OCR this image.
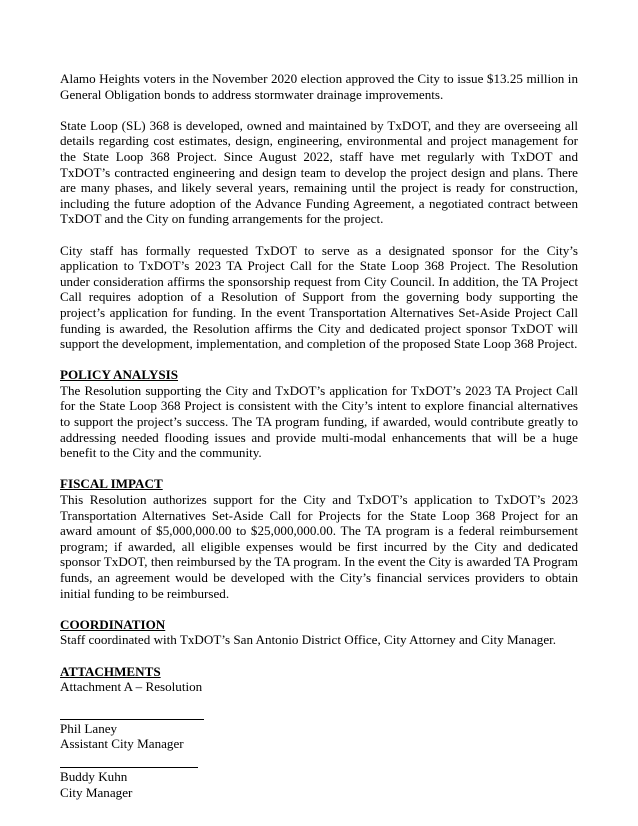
Alamo Heights voters in the November 2020 election approved the City to issue $13.25 million in General Obligation bonds to address stormwater drainage improvements.

State Loop (SL) 368 is developed, owned and maintained by TxDOT, and they are overseeing all details regarding cost estimates, design, engineering, environmental and project management for the State Loop 368 Project. Since August 2022, staff have met regularly with TxDOT and TxDOT’s contracted engineering and design team to develop the project design and plans. There are many phases, and likely several years, remaining until the project is ready for construction, including the future adoption of the Advance Funding Agreement, a negotiated contract between TxDOT and the City on funding arrangements for the project.

City staff has formally requested TxDOT to serve as a designated sponsor for the City’s application to TxDOT’s 2023 TA Project Call for the State Loop 368 Project. The Resolution under consideration affirms the sponsorship request from City Council. In addition, the TA Project Call requires adoption of a Resolution of Support from the governing body supporting the project’s application for funding. In the event Transportation Alternatives Set-Aside Project Call funding is awarded, the Resolution affirms the City and dedicated project sponsor TxDOT will support the development, implementation, and completion of the proposed State Loop 368 Project.

POLICY ANALYSIS

The Resolution supporting the City and TxDOT’s application for TxDOT’s 2023 TA Project Call for the State Loop 368 Project is consistent with the City’s intent to explore financial alternatives to support the project’s success. The TA program funding, if awarded, would contribute greatly to addressing needed flooding issues and provide multi-modal enhancements that will be a huge benefit to the City and the community.

FISCAL IMPACT

This Resolution authorizes support for the City and TxDOT’s application to TxDOT’s 2023 Transportation Alternatives Set-Aside Call for Projects for the State Loop 368 Project for an award amount of $5,000,000.00 to $25,000,000.00. The TA program is a federal reimbursement program; if awarded, all eligible expenses would be first incurred by the City and dedicated sponsor TxDOT, then reimbursed by the TA program. In the event the City is awarded TA Program funds, an agreement would be developed with the City’s financial services providers to obtain initial funding to be reimbursed.

COORDINATION

Staff coordinated with TxDOT’s San Antonio District Office, City Attorney and City Manager.

ATTACHMENTS

Attachment A – Resolution

Phil Laney
Assistant City Manager
Buddy Kuhn
City Manager
